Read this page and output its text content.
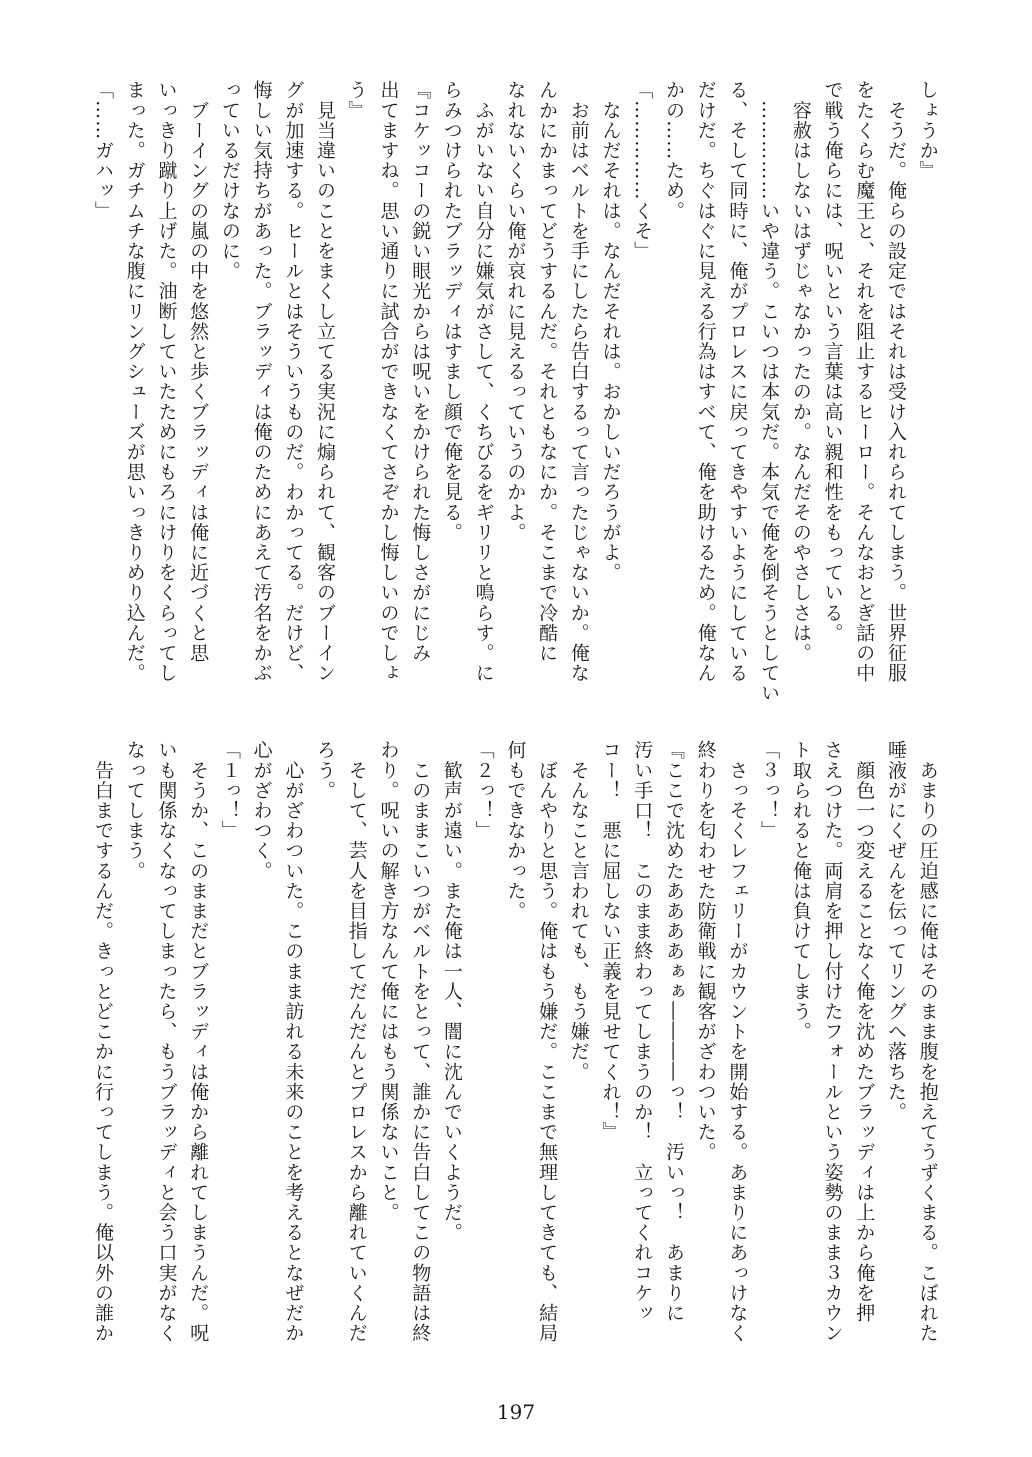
しょうか』
　そうだ。俺らの設定ではそれは受け入れられてしまう。世界征服
をたくらむ魔王と、それを阻止するヒーロー。そんなおとぎ話の中
で戦う俺らには、呪いという言葉は高い親和性をもっている。
　容赦はしないはずじゃなかったのか。なんだそのやさしさは。
　……………いや違う。こいつは本気だ。本気で俺を倒そうとしてい
る、そして同時に、俺がプロレスに戻ってきやすいようにしている
だけだ。ちぐはぐに見える行為はすべて、俺を助けるため。俺なん
かの……ため。
「……………くそ」
　なんだそれは。なんだそれは。おかしいだろうがよ。
　お前はベルトを手にしたら告白するって言ったじゃないか。俺な
んかにかまってどうするんだ。それともなにか。そこまで冷酷に
なれないくらい俺が哀れに見えるっていうのかよ。
　ふがいない自分に嫌気がさして、くちびるをギリリと鳴らす。に
らみつけられたブラッディはすまし顔で俺を見る。
『コケッコーの鋭い眼光からは呪いをかけられた悔しさがにじみ
出てますね。思い通りに試合ができなくてさぞかし悔しいのでしょ
う』
　見当違いのことをまくし立てる実況に煽られて、観客のブーイン
グが加速する。ヒールとはそういうものだ。わかってる。だけど、
悔しい気持ちがあった。ブラッディは俺のためにあえて汚名をかぶ
っているだけなのに。
　ブーイングの嵐の中を悠然と歩くブラッディは俺に近づくと思
いっきり蹴り上げた。油断していたためにもろにけりをくらってし
まった。ガチムチな腹にリングシューズが思いっきりめり込んだ。
「……ガハッ」
　あまりの圧迫感に俺はそのまま腹を抱えてうずくまる。こぼれた
唾液がにくぜんを伝ってリングへ落ちた。
　顔色一つ変えることなく俺を沈めたブラッディは上から俺を押
さえつけた。両肩を押し付けたフォールという姿勢のまま３カウン
ト取られると俺は負けてしまう。
「３っ！」
　さっそくレフェリーがカウントを開始する。あまりにあっけなく
終わりを匂わせた防衛戦に観客がざわついた。
『ここで沈めたああああぁぁ――――っ！　汚いっ！　あまりに
汚い手口！　このまま終わってしまうのか！　立ってくれコケッ
コー！　悪に屈しない正義を見せてくれ！』
　そんなこと言われても、もう嫌だ。
　ぼんやりと思う。俺はもう嫌だ。ここまで無理してきても、結局
何もできなかった。
「２っ！」
　歓声が遠い。また俺は一人、闇に沈んでいくようだ。
　このままこいつがベルトをとって、誰かに告白してこの物語は終
わり。呪いの解き方なんて俺にはもう関係ないこと。
　そして、芸人を目指してだんだんとプロレスから離れていくんだ
ろう。
　心がざわついた。このまま訪れる未来のことを考えるとなぜだか
心がざわつく。
「１っ！」
　そうか、このままだとブラッディは俺から離れてしまうんだ。呪
いも関係なくなってしまったら、もうブラッディと会う口実がなく
なってしまう。
　告白までするんだ。きっとどこかに行ってしまう。俺以外の誰か
197
